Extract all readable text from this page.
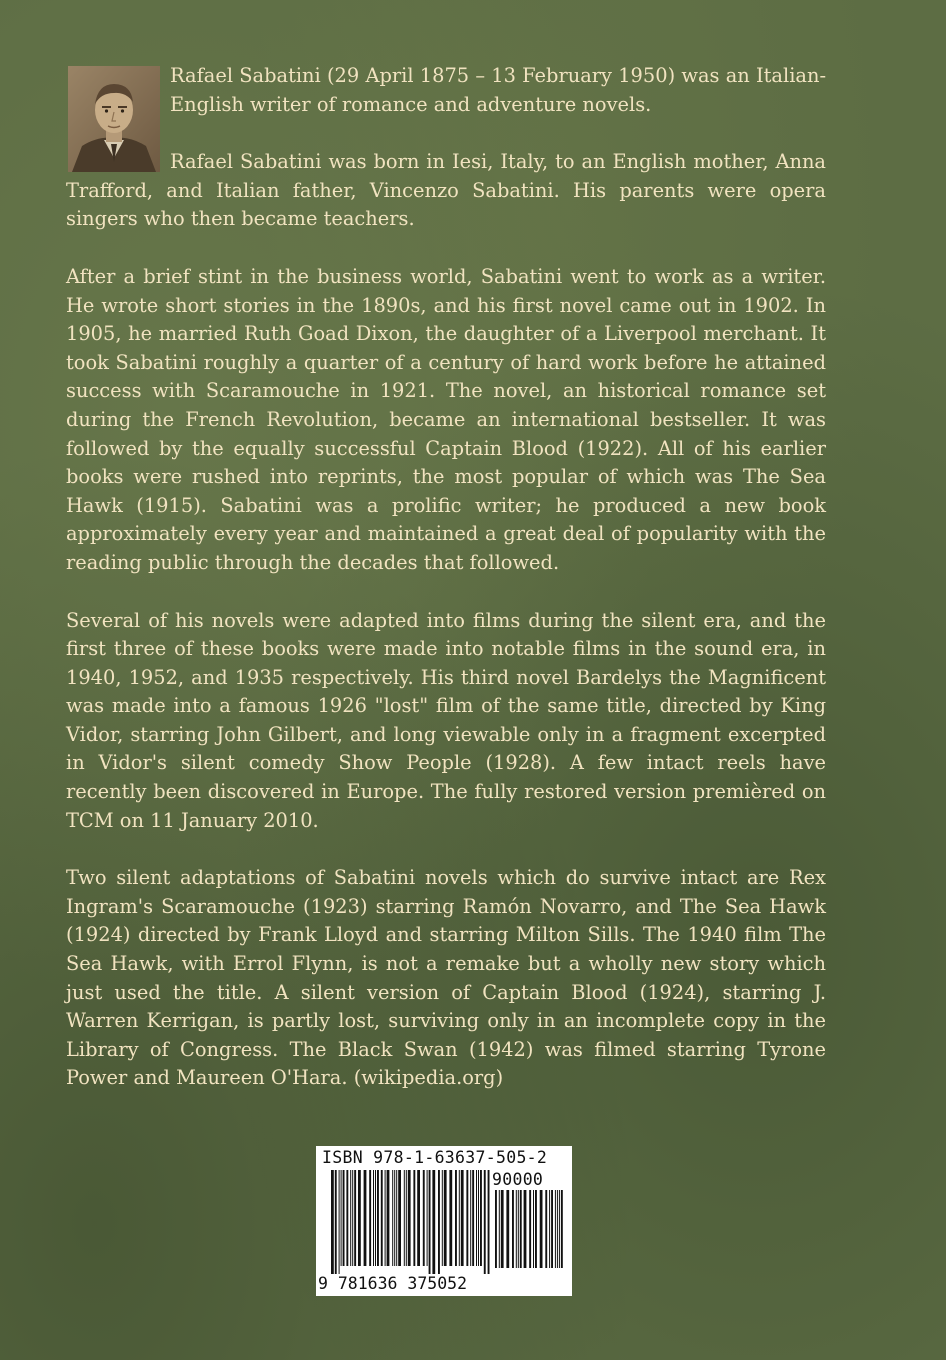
Rafael Sabatini (29 April 1875 – 13 February 1950) was an Italian-English writer of romance and adventure novels.

Rafael Sabatini was born in Iesi, Italy, to an English mother, Anna Trafford, and Italian father, Vincenzo Sabatini. His parents were opera singers who then became teachers.

After a brief stint in the business world, Sabatini went to work as a writer. He wrote short stories in the 1890s, and his first novel came out in 1902. In 1905, he married Ruth Goad Dixon, the daughter of a Liverpool merchant. It took Sabatini roughly a quarter of a century of hard work before he attained success with Scaramouche in 1921. The novel, an historical romance set during the French Revolution, became an international bestseller. It was followed by the equally successful Captain Blood (1922). All of his earlier books were rushed into reprints, the most popular of which was The Sea Hawk (1915). Sabatini was a prolific writer; he produced a new book approximately every year and maintained a great deal of popularity with the reading public through the decades that followed.

Several of his novels were adapted into films during the silent era, and the first three of these books were made into notable films in the sound era, in 1940, 1952, and 1935 respectively. His third novel Bardelys the Magnificent was made into a famous 1926 "lost" film of the same title, directed by King Vidor, starring John Gilbert, and long viewable only in a fragment excerpted in Vidor's silent comedy Show People (1928). A few intact reels have recently been discovered in Europe. The fully restored version premièred on TCM on 11 January 2010.

Two silent adaptations of Sabatini novels which do survive intact are Rex Ingram's Scaramouche (1923) starring Ramón Novarro, and The Sea Hawk (1924) directed by Frank Lloyd and starring Milton Sills. The 1940 film The Sea Hawk, with Errol Flynn, is not a remake but a wholly new story which just used the title. A silent version of Captain Blood (1924), starring J. Warren Kerrigan, is partly lost, surviving only in an incomplete copy in the Library of Congress. The Black Swan (1942) was filmed starring Tyrone Power and Maureen O'Hara. (wikipedia.org)

ISBN 978-1-63637-505-2
90000
9 781636 375052
